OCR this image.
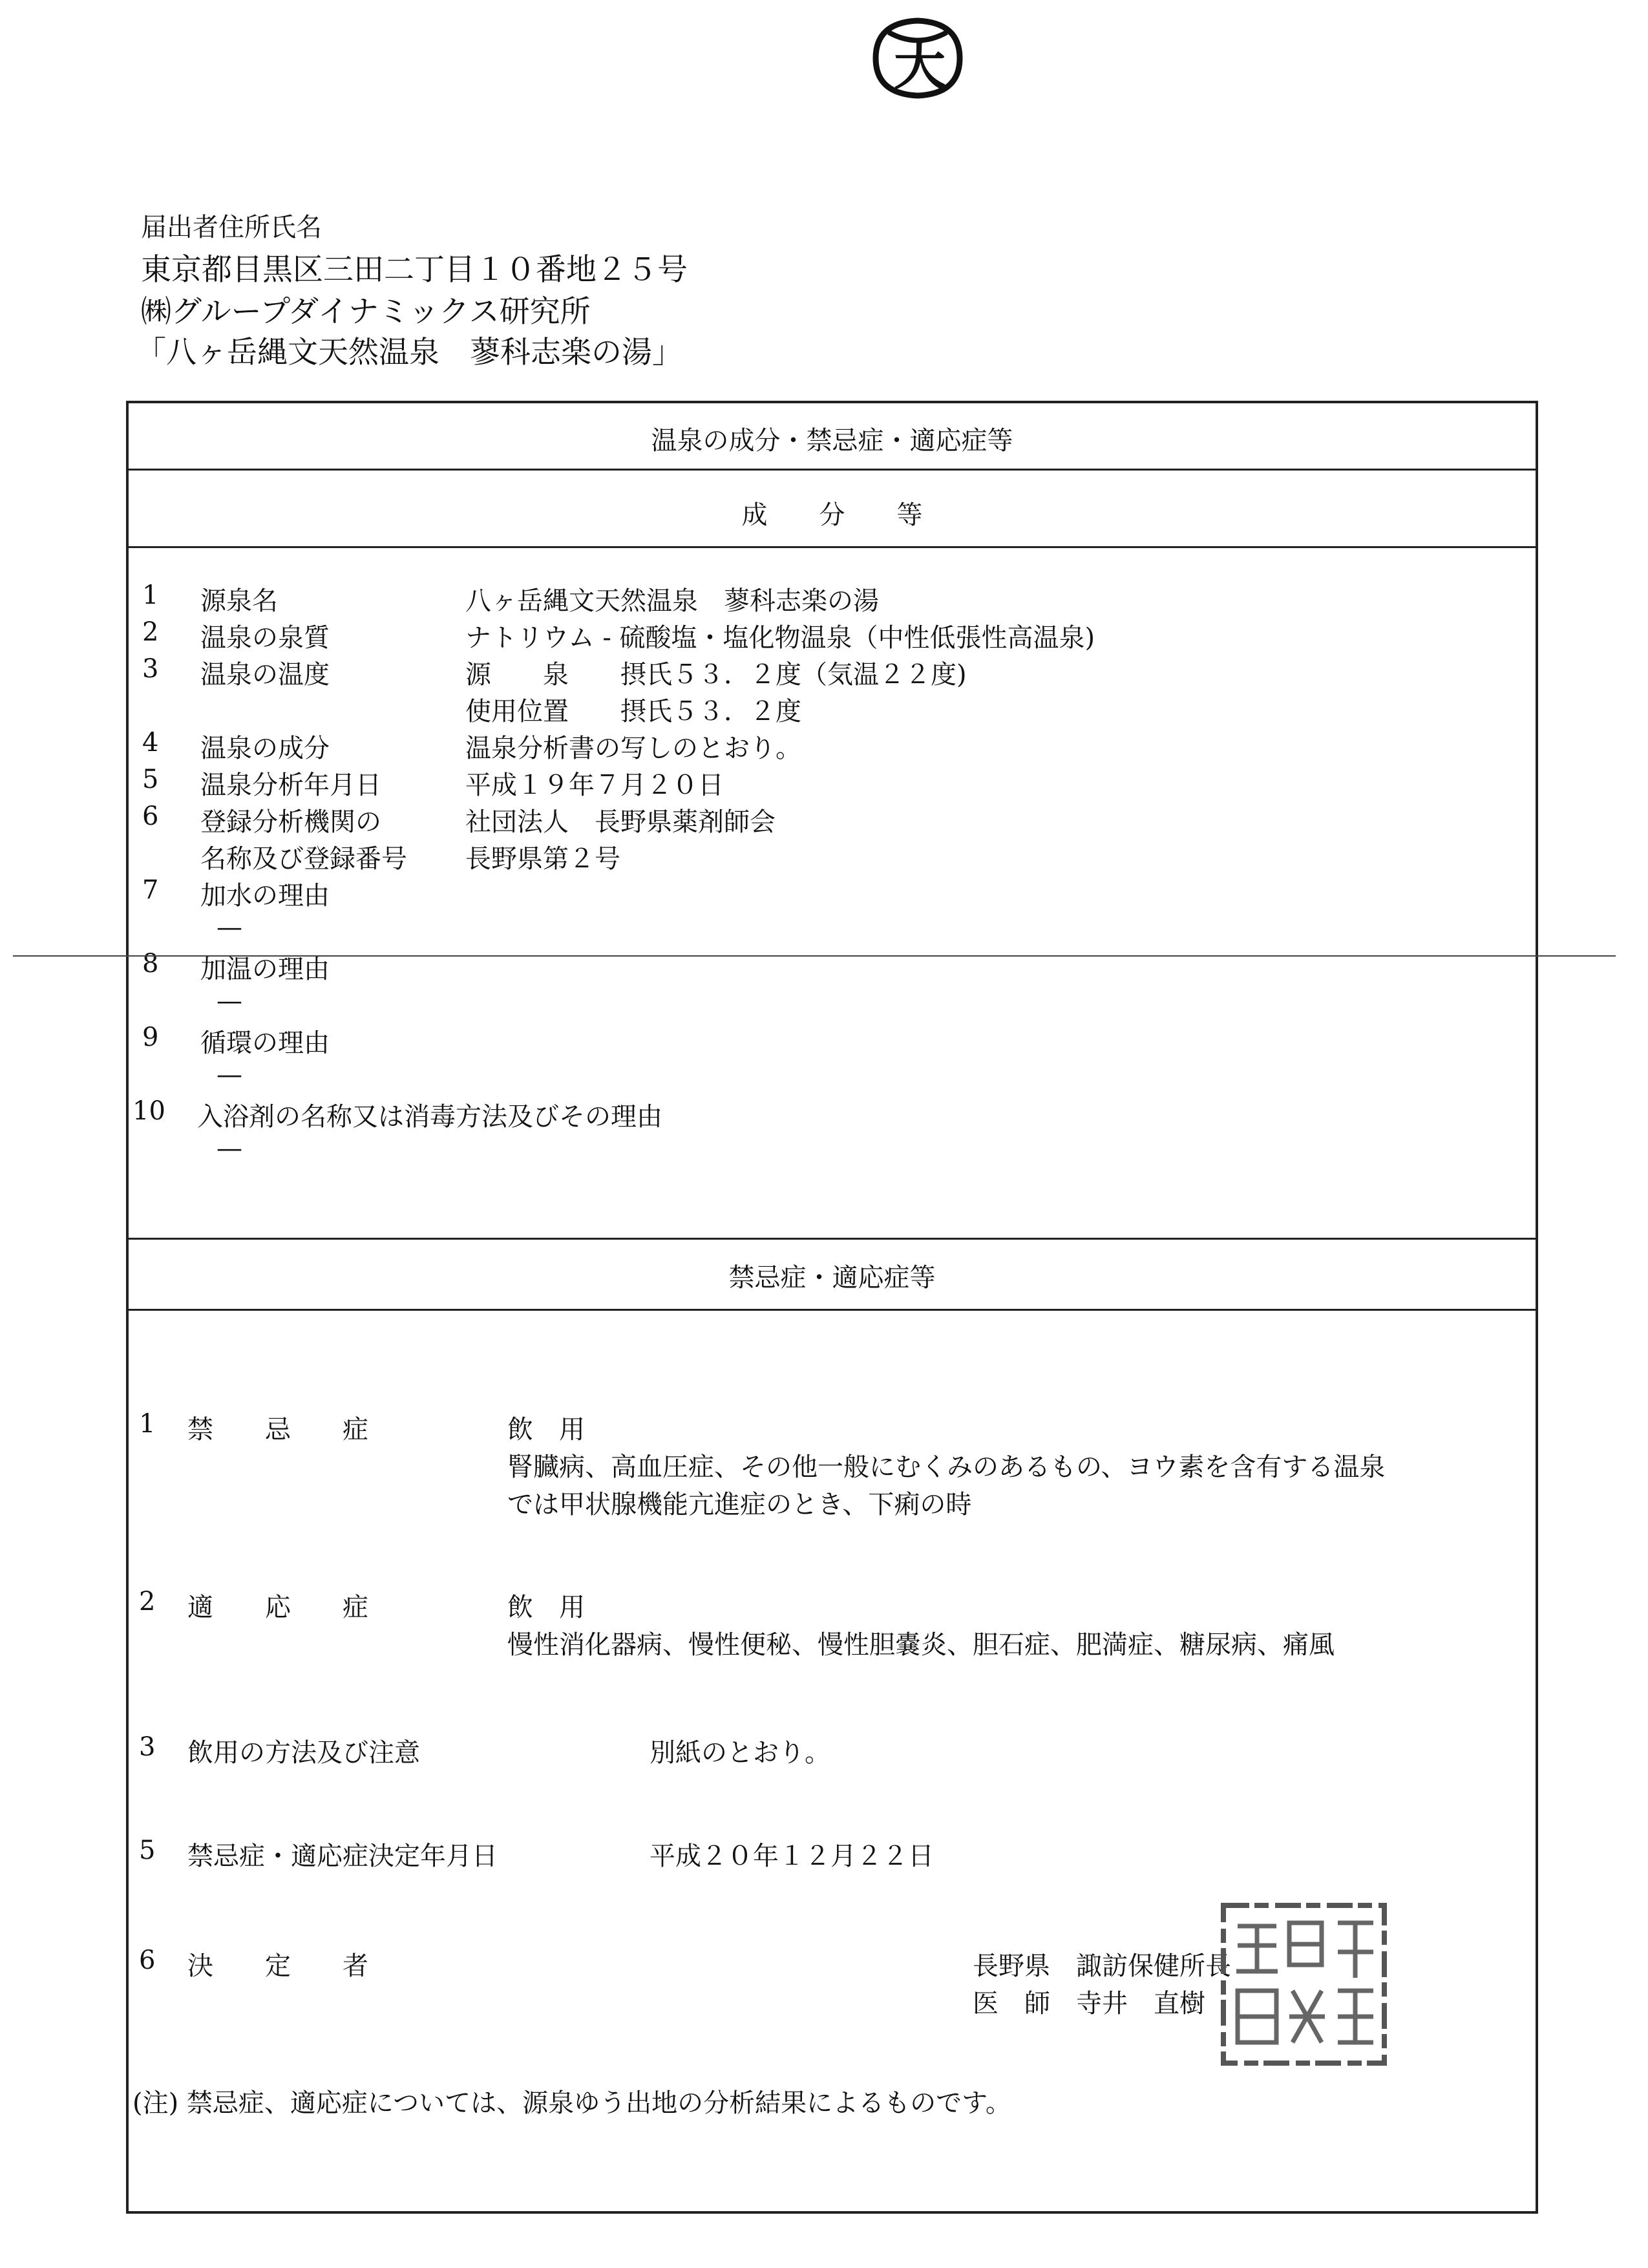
大
届出者住所氏名
東京都目黒区三田二丁目１０番地２５号
㈱グループダイナミックス研究所
「八ヶ岳縄文天然温泉　蓼科志楽の湯」
温泉の成分・禁忌症・適応症等
成　　分　　等
1 源泉名	八ヶ岳縄文天然温泉　蓼科志楽の湯
2 温泉の泉質	ナトリウム - 硫酸塩・塩化物温泉（中性低張性高温泉)
3 温泉の温度	源　　泉　　摂氏５３．２度（気温２２度)
使用位置　　摂氏５３．２度
4 温泉の成分	温泉分析書の写しのとおり。
5 温泉分析年月日	平成１９年７月２０日
6 登録分析機関の	社団法人　長野県薬剤師会
名称及び登録番号 長野県第２号
7 加水の理由
—
8 加温の理由
—
9 循環の理由
—
10 入浴剤の名称又は消毒方法及びその理由
—
禁忌症・適応症等
1 禁　　忌　　症	飲　用
腎臓病、高血圧症、その他一般にむくみのあるもの、ヨウ素を含有する温泉
では甲状腺機能亢進症のとき、下痢の時
2 適　　応　　症	飲　用
慢性消化器病、慢性便秘、慢性胆嚢炎、胆石症、肥満症、糖尿病、痛風
3 飲用の方法及び注意	別紙のとおり。
5 禁忌症・適応症決定年月日	平成２０年１２月２２日
6 決　　定　　者	長野県　諏訪保健所長
医　師　寺井　直樹
(注) 禁忌症、適応症については、源泉ゆう出地の分析結果によるものです。
